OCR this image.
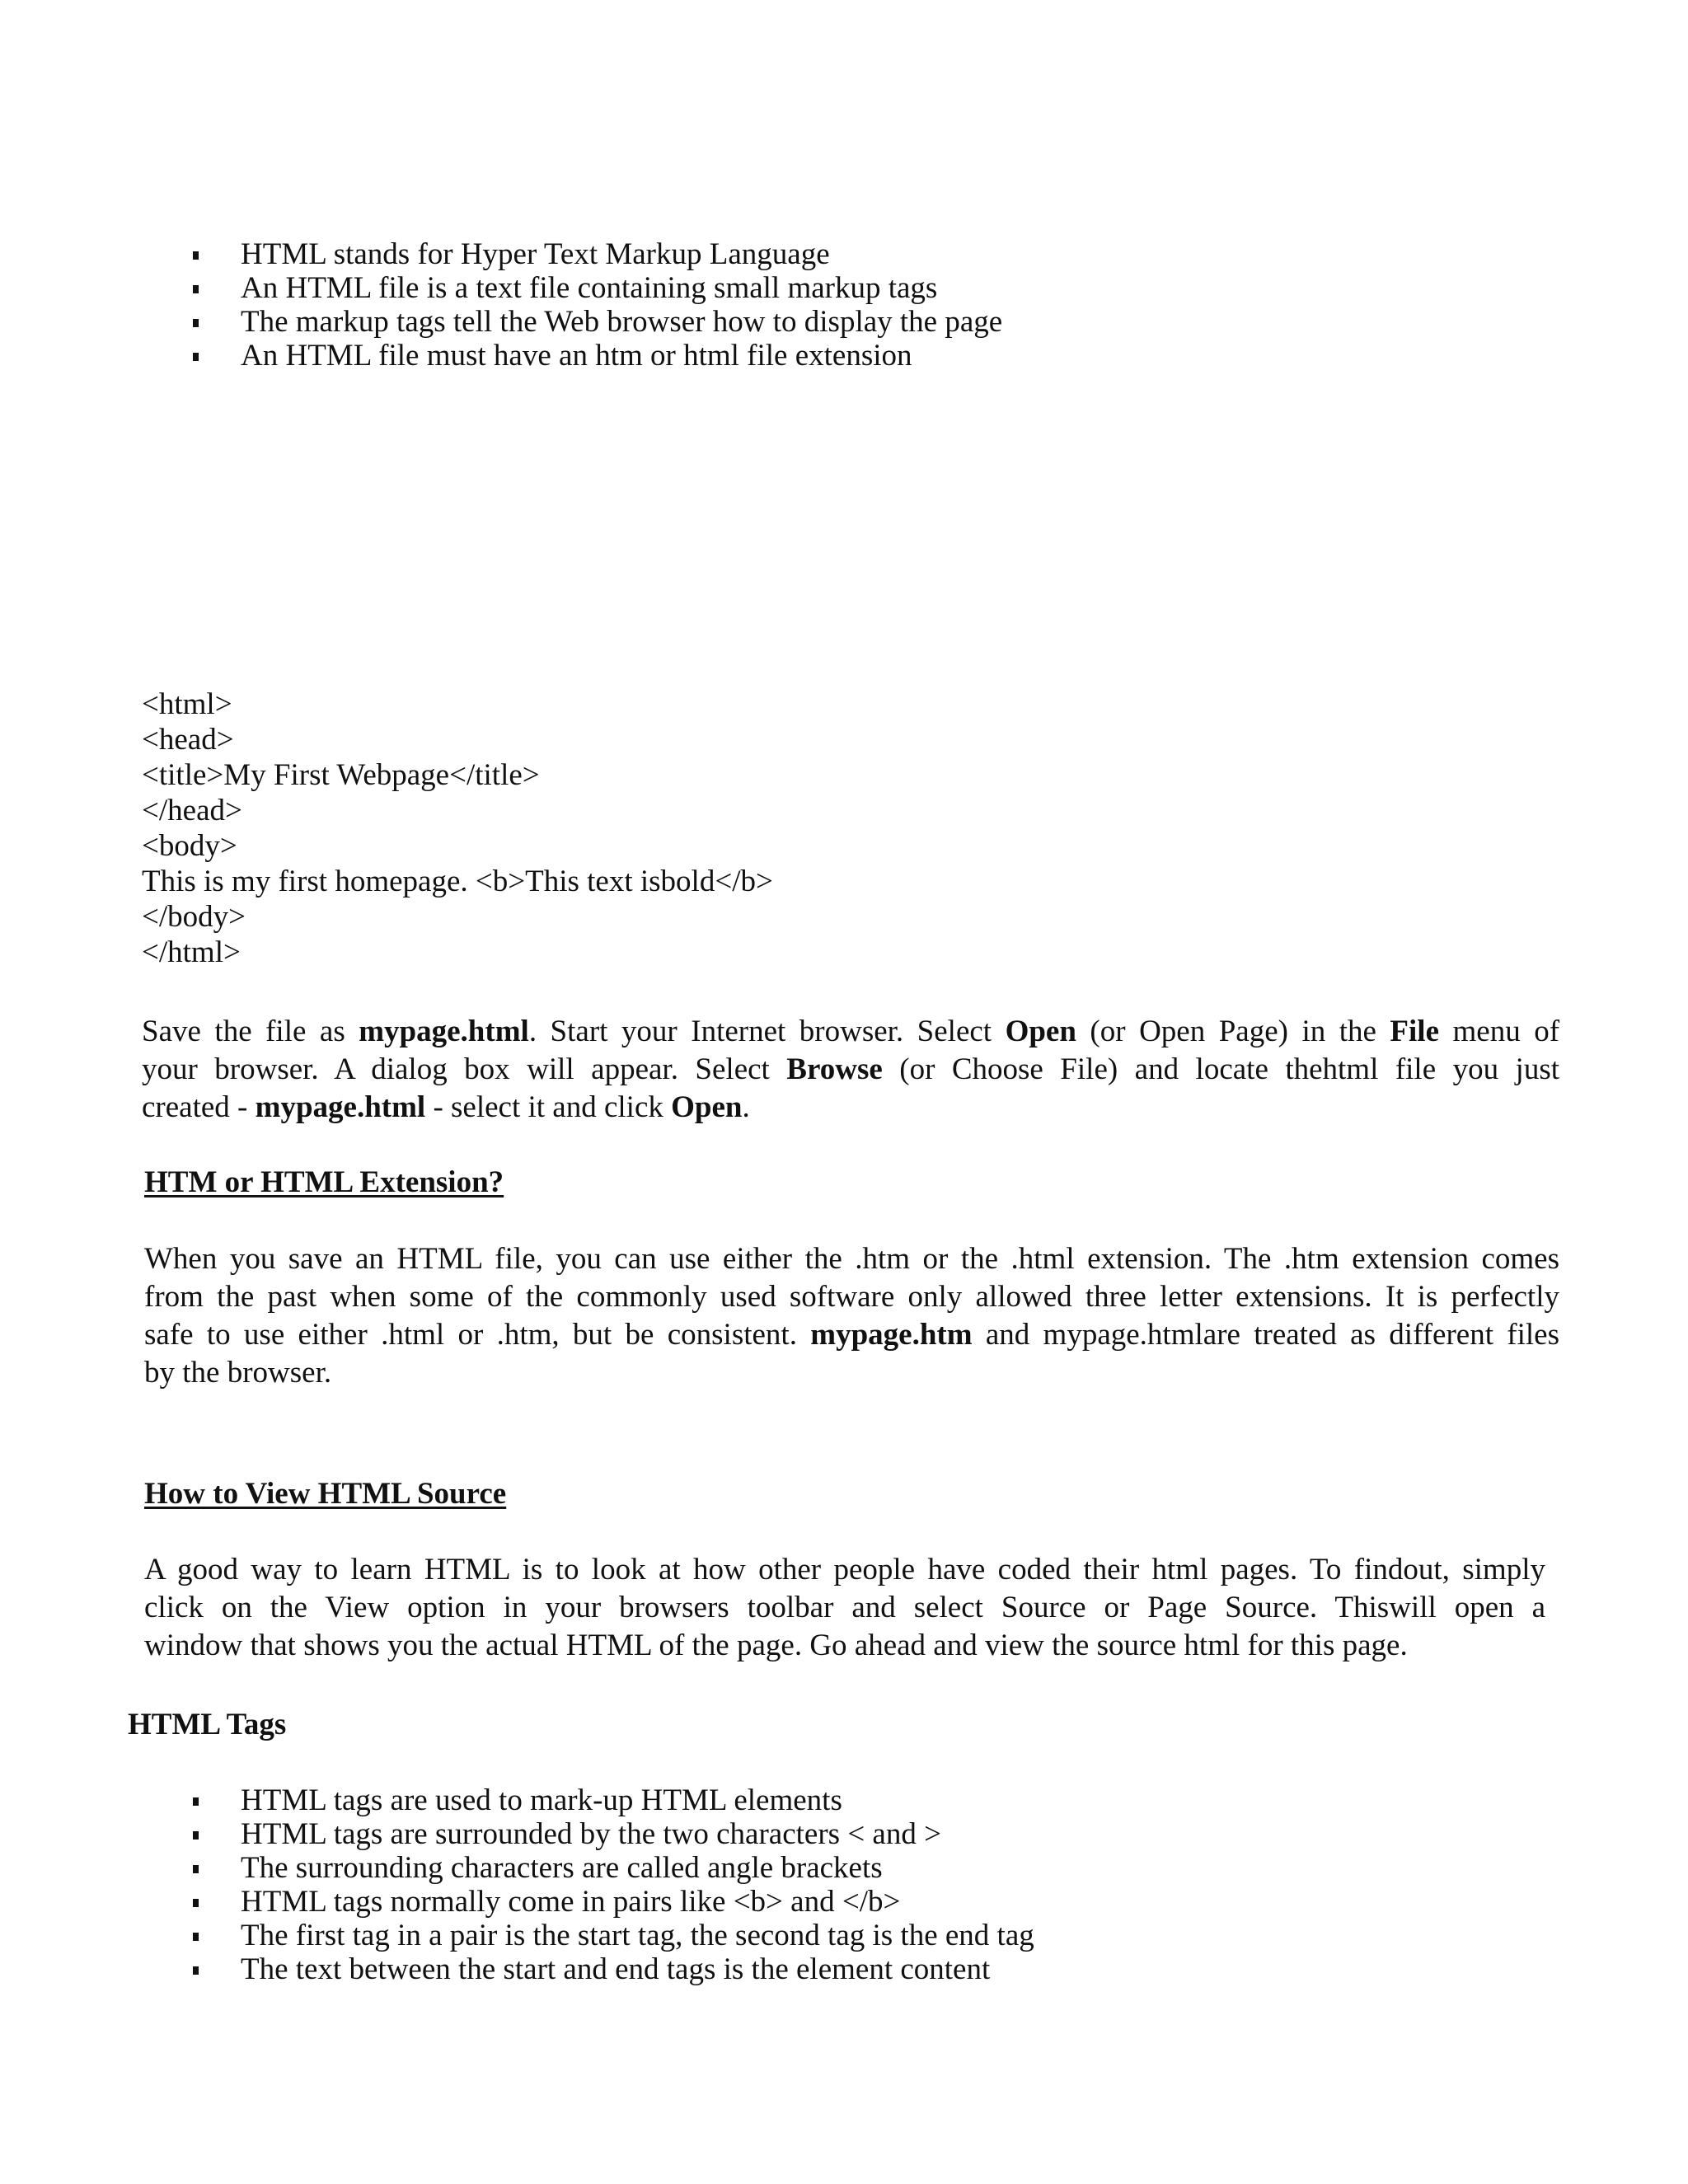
HTML stands for Hyper Text Markup Language
An HTML file is a text file containing small markup tags
The markup tags tell the Web browser how to display the page
An HTML file must have an htm or html file extension
<html>
<head>
<title>My First Webpage</title>
</head>
<body>
This is my first homepage. <b>This text isbold</b>
</body>
</html>

Save the file as mypage.html. Start your Internet browser. Select Open (or Open Page) in the File menu of
your browser. A dialog box will appear. Select Browse (or Choose File) and locate thehtml file you just
created - mypage.html - select it and click Open.

HTM or HTML Extension?

When you save an HTML file, you can use either the .htm or the .html extension. The .htm extension comes
from the past when some of the commonly used software only allowed three letter extensions. It is perfectly
safe to use either .html or .htm, but be consistent. mypage.htm and mypage.htmlare treated as different files
by the browser.

How to View HTML Source

A good way to learn HTML is to look at how other people have coded their html pages. To findout, simply
click on the View option in your browsers toolbar and select Source or Page Source. Thiswill open a
window that shows you the actual HTML of the page. Go ahead and view the source html for this page.

HTML Tags
HTML tags are used to mark-up HTML elements
HTML tags are surrounded by the two characters < and >
The surrounding characters are called angle brackets
HTML tags normally come in pairs like <b> and </b>
The first tag in a pair is the start tag, the second tag is the end tag
The text between the start and end tags is the element content
